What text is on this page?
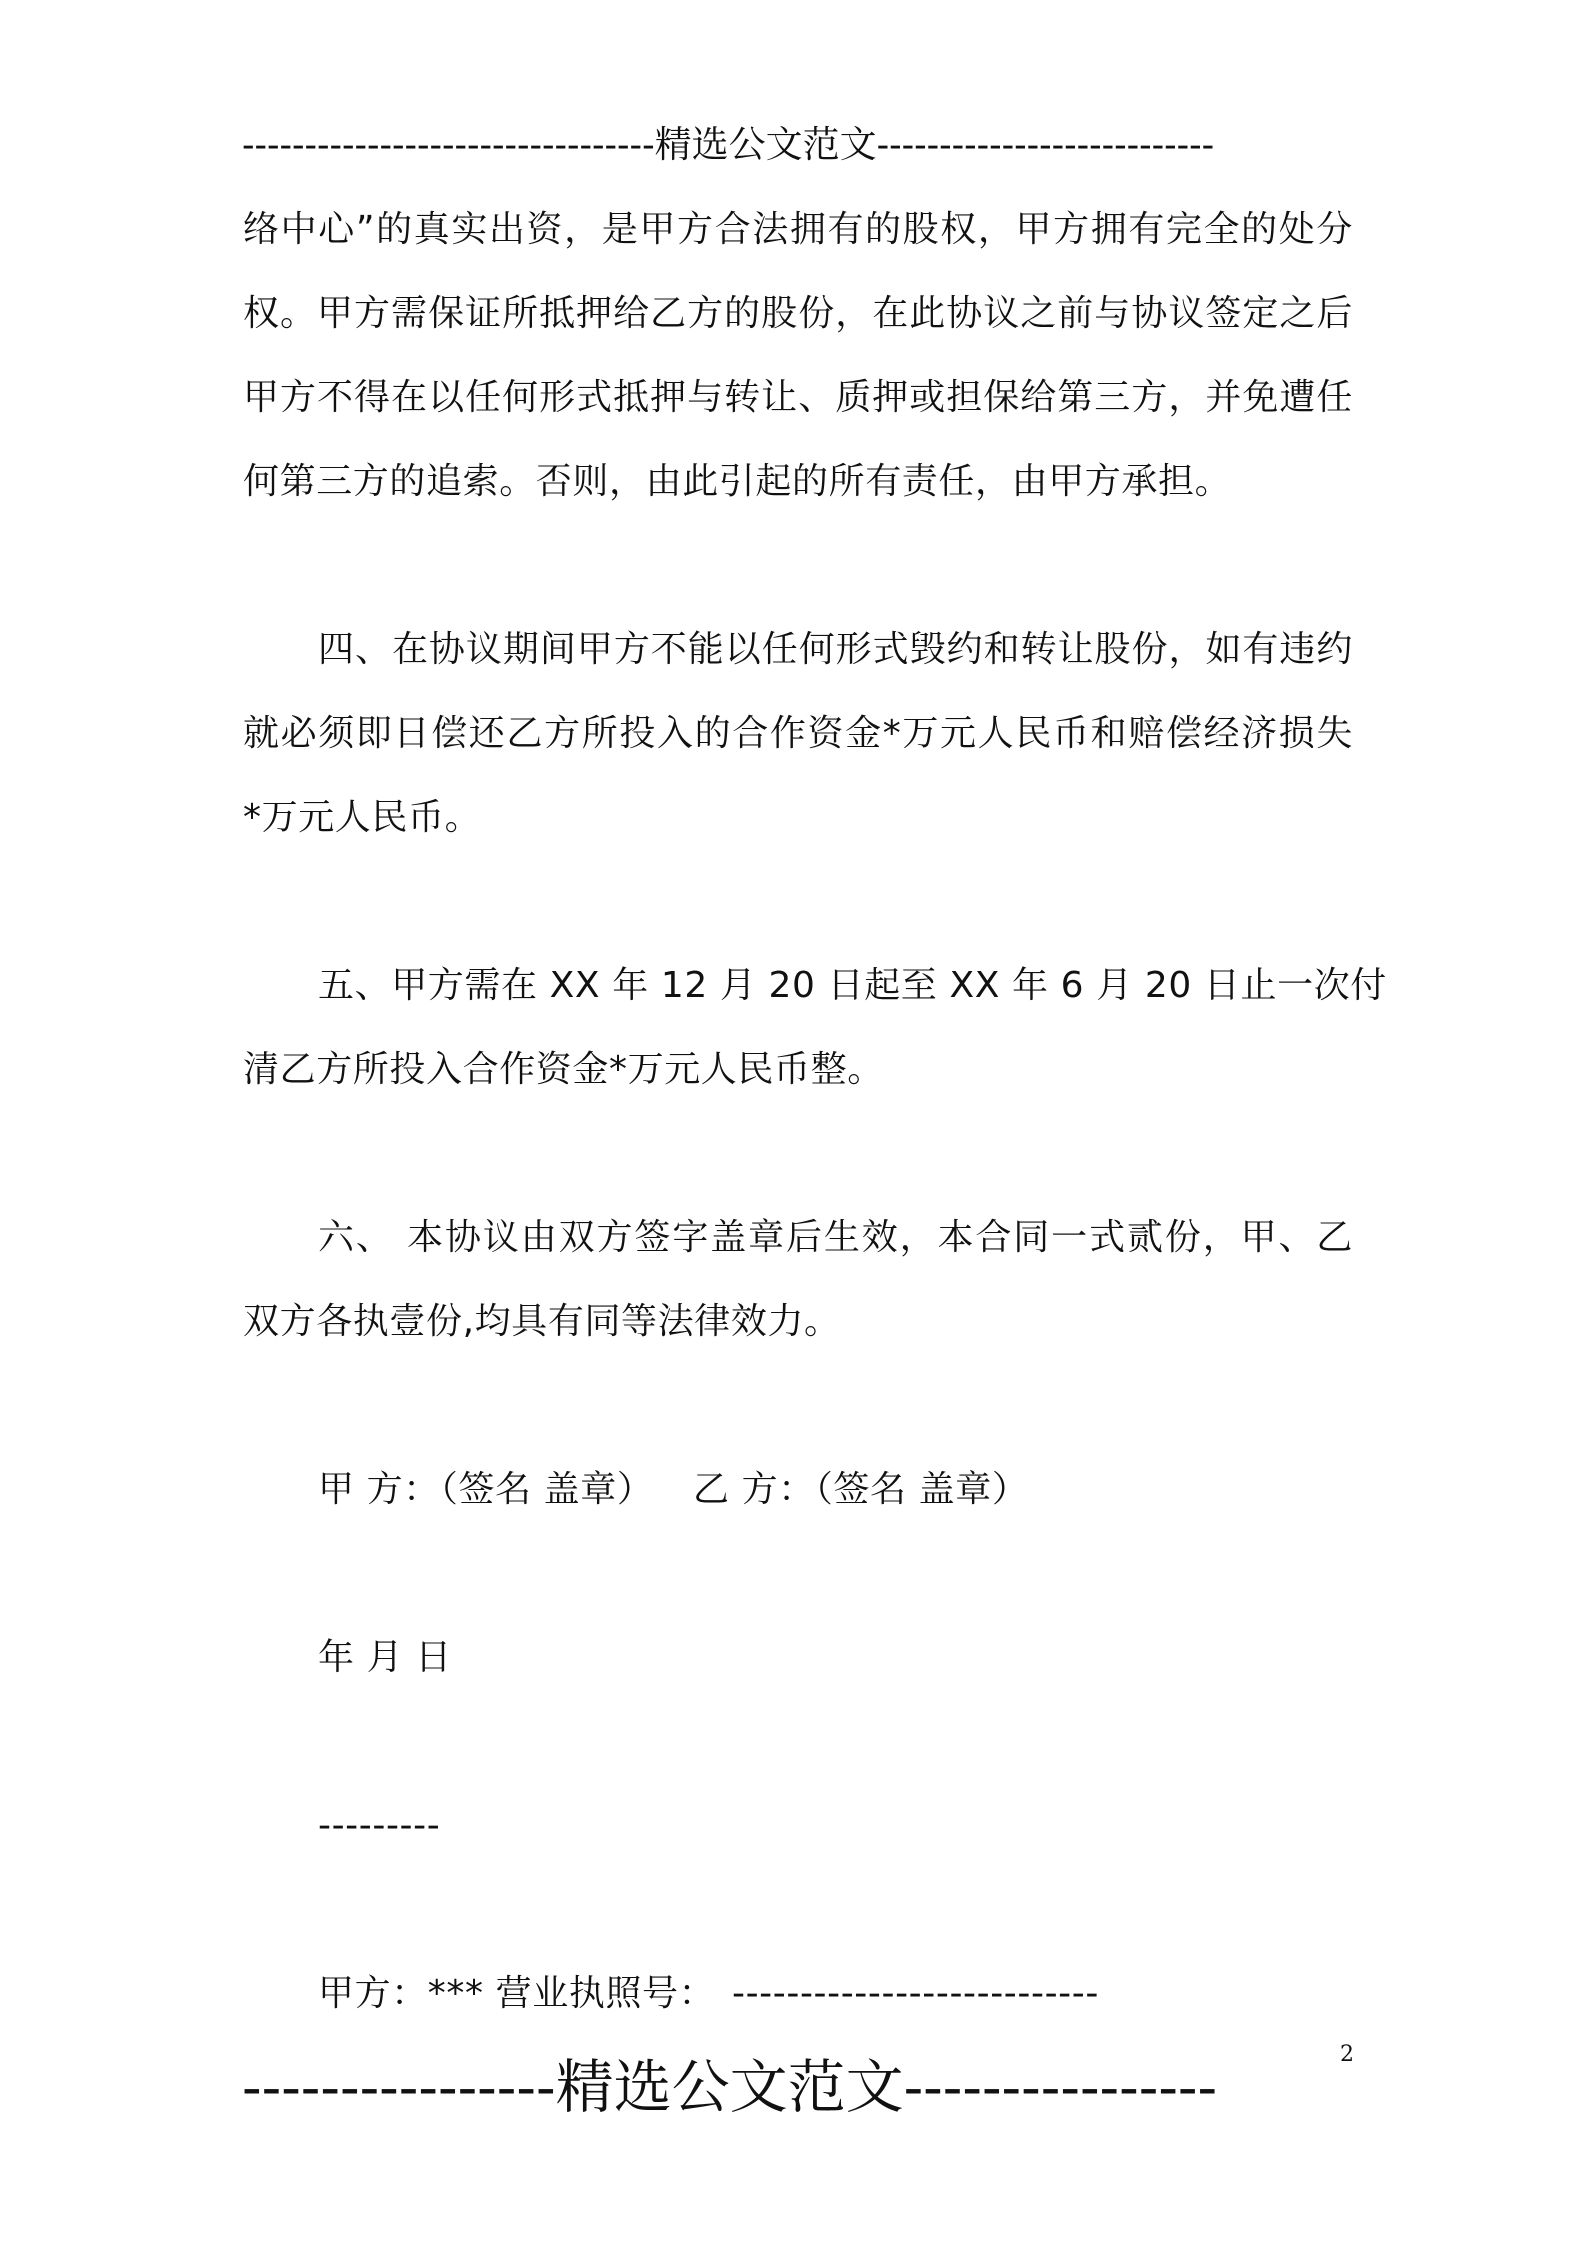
---------------------------------精选公文范文---------------------------
络中心”的真实出资，是甲方合法拥有的股权，甲方拥有完全的处分
权。甲方需保证所抵押给乙方的股份，在此协议之前与协议签定之后
甲方不得在以任何形式抵押与转让、质押或担保给第三方，并免遭任
何第三方的追索。否则，由此引起的所有责任，由甲方承担。
四、在协议期间甲方不能以任何形式毁约和转让股份，如有违约
就必须即日偿还乙方所投入的合作资金*万元人民币和赔偿经济损失
*万元人民币。
五、甲方需在 XX 年 12 月 20 日起至 XX 年 6 月 20 日止一次付
清乙方所投入合作资金*万元人民币整。
六、 本协议由双方签字盖章后生效，本合同一式贰份，甲、乙
双方各执壹份,均具有同等法律效力。
甲 方：（签名 盖章） 乙 方：（签名 盖章）
年 月 日
---------
甲方：*** 营业执照号： ---------------------------
----------------精选公文范文----------------	2
